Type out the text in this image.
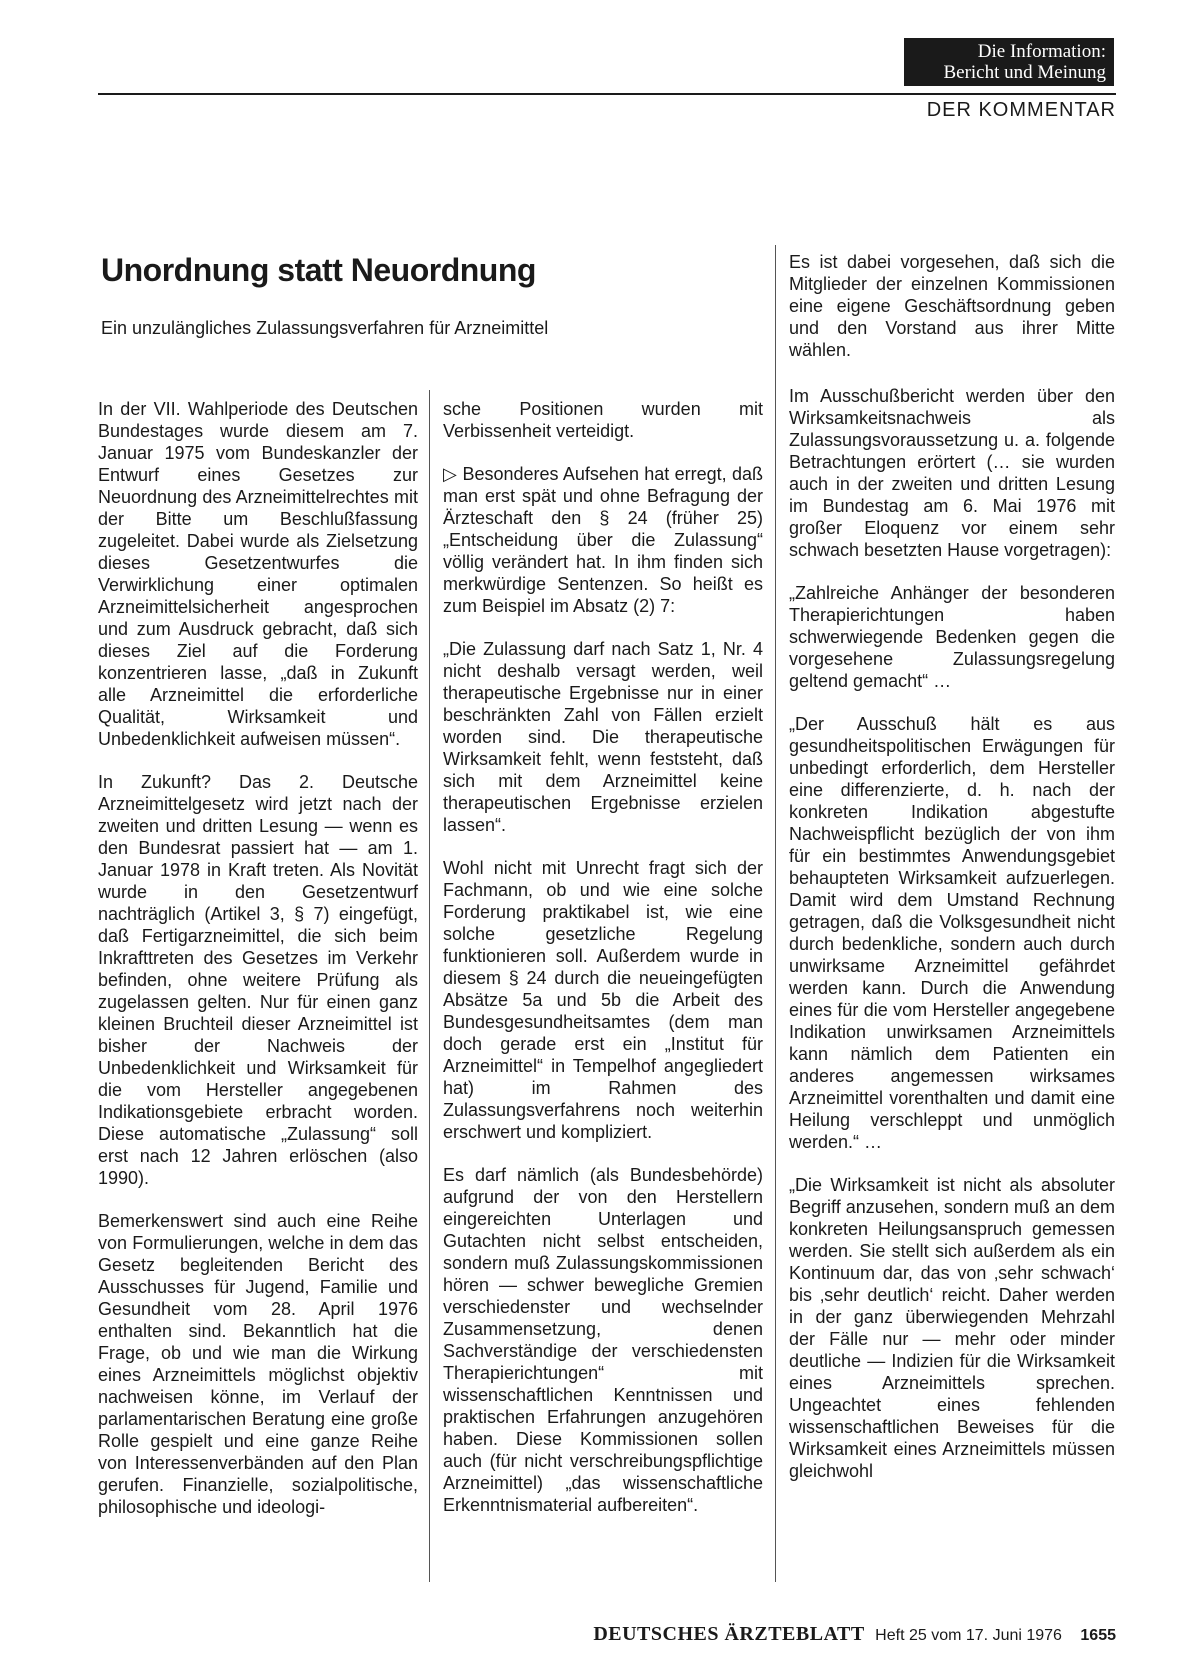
Die Information:
Bericht und Meinung
DER KOMMENTAR
Unordnung statt Neuordnung
Ein unzulängliches Zulassungsverfahren für Arzneimittel

In der VII. Wahlperiode des Deutschen Bundestages wurde diesem am 7. Januar 1975 vom Bundeskanzler der Entwurf eines Gesetzes zur Neuordnung des Arzneimittelrechtes mit der Bitte um Beschlußfassung zugeleitet. Dabei wurde als Zielsetzung dieses Gesetzentwurfes die Verwirklichung einer optimalen Arzneimittelsicherheit angesprochen und zum Ausdruck gebracht, daß sich dieses Ziel auf die Forderung konzentrieren lasse, „daß in Zukunft alle Arzneimittel die erforderliche Qualität, Wirksamkeit und Unbedenklichkeit aufweisen müssen“.

In Zukunft? Das 2. Deutsche Arzneimittelgesetz wird jetzt nach der zweiten und dritten Lesung — wenn es den Bundesrat passiert hat — am 1. Januar 1978 in Kraft treten. Als Novität wurde in den Gesetzentwurf nachträglich (Artikel 3, § 7) eingefügt, daß Fertigarzneimittel, die sich beim Inkrafttreten des Gesetzes im Verkehr befinden, ohne weitere Prüfung als zugelassen gelten. Nur für einen ganz kleinen Bruchteil dieser Arzneimittel ist bisher der Nachweis der Unbedenklichkeit und Wirksamkeit für die vom Hersteller angegebenen Indikationsgebiete erbracht worden. Diese automatische „Zulassung“ soll erst nach 12 Jahren erlöschen (also 1990).

Bemerkenswert sind auch eine Reihe von Formulierungen, welche in dem das Gesetz begleitenden Bericht des Ausschusses für Jugend, Familie und Gesundheit vom 28. April 1976 enthalten sind. Bekanntlich hat die Frage, ob und wie man die Wirkung eines Arzneimittels möglichst objektiv nachweisen könne, im Verlauf der parlamentarischen Beratung eine große Rolle gespielt und eine ganze Reihe von Interessenverbänden auf den Plan gerufen. Finanzielle, sozialpolitische, philosophische und ideologi-

sche Positionen wurden mit Verbissenheit verteidigt.

▷ Besonderes Aufsehen hat erregt, daß man erst spät und ohne Befragung der Ärzteschaft den § 24 (früher 25) „Entscheidung über die Zulassung“ völlig verändert hat. In ihm finden sich merkwürdige Sentenzen. So heißt es zum Beispiel im Absatz (2) 7:

„Die Zulassung darf nach Satz 1, Nr. 4 nicht deshalb versagt werden, weil therapeutische Ergebnisse nur in einer beschränkten Zahl von Fällen erzielt worden sind. Die therapeutische Wirksamkeit fehlt, wenn feststeht, daß sich mit dem Arzneimittel keine therapeutischen Ergebnisse erzielen lassen“.

Wohl nicht mit Unrecht fragt sich der Fachmann, ob und wie eine solche Forderung praktikabel ist, wie eine solche gesetzliche Regelung funktionieren soll. Außerdem wurde in diesem § 24 durch die neueingefügten Absätze 5a und 5b die Arbeit des Bundesgesundheitsamtes (dem man doch gerade erst ein „Institut für Arzneimittel“ in Tempelhof angegliedert hat) im Rahmen des Zulassungsverfahrens noch weiterhin erschwert und kompliziert.

Es darf nämlich (als Bundesbehörde) aufgrund der von den Herstellern eingereichten Unterlagen und Gutachten nicht selbst entscheiden, sondern muß Zulassungskommissionen hören — schwer bewegliche Gremien verschiedenster und wechselnder Zusammensetzung, denen Sachverständige der verschiedensten Therapierichtungen“ mit wissenschaftlichen Kenntnissen und praktischen Erfahrungen anzugehören haben. Diese Kommissionen sollen auch (für nicht verschreibungspflichtige Arzneimittel) „das wissenschaftliche Erkenntnismaterial aufbereiten“.

Es ist dabei vorgesehen, daß sich die Mitglieder der einzelnen Kommissionen eine eigene Geschäftsordnung geben und den Vorstand aus ihrer Mitte wählen.

Im Ausschußbericht werden über den Wirksamkeitsnachweis als Zulassungsvoraussetzung u. a. folgende Betrachtungen erörtert (… sie wurden auch in der zweiten und dritten Lesung im Bundestag am 6. Mai 1976 mit großer Eloquenz vor einem sehr schwach besetzten Hause vorgetragen):

„Zahlreiche Anhänger der besonderen Therapierichtungen haben schwerwiegende Bedenken gegen die vorgesehene Zulassungsregelung geltend gemacht“ …

„Der Ausschuß hält es aus gesundheitspolitischen Erwägungen für unbedingt erforderlich, dem Hersteller eine differenzierte, d. h. nach der konkreten Indikation abgestufte Nachweispflicht bezüglich der von ihm für ein bestimmtes Anwendungsgebiet behaupteten Wirksamkeit aufzuerlegen. Damit wird dem Umstand Rechnung getragen, daß die Volksgesundheit nicht durch bedenkliche, sondern auch durch unwirksame Arzneimittel gefährdet werden kann. Durch die Anwendung eines für die vom Hersteller angegebene Indikation unwirksamen Arzneimittels kann nämlich dem Patienten ein anderes angemessen wirksames Arzneimittel vorenthalten und damit eine Heilung verschleppt und unmöglich werden.“ …

„Die Wirksamkeit ist nicht als absoluter Begriff anzusehen, sondern muß an dem konkreten Heilungsanspruch gemessen werden. Sie stellt sich außerdem als ein Kontinuum dar, das von ‚sehr schwach‘ bis ‚sehr deutlich‘ reicht. Daher werden in der ganz überwiegenden Mehrzahl der Fälle nur — mehr oder minder deutliche — Indizien für die Wirksamkeit eines Arzneimittels sprechen. Ungeachtet eines fehlenden wissenschaftlichen Beweises für die Wirksamkeit eines Arzneimittels müssen gleichwohl

DEUTSCHES ÄRZTEBLATT Heft 25 vom 17. Juni 1976 1655
